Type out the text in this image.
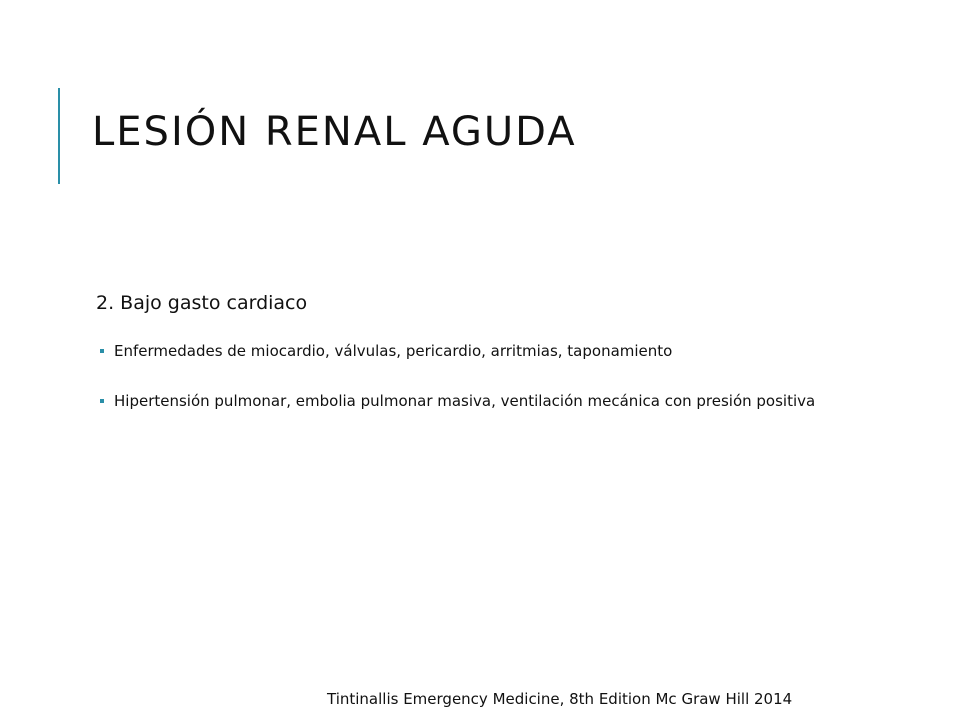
LESIÓN RENAL AGUDA

2. Bajo gasto cardiaco

Enfermedades de miocardio, válvulas, pericardio, arritmias, taponamiento
Hipertensión pulmonar, embolia pulmonar masiva, ventilación mecánica con presión positiva
Tintinallis Emergency Medicine, 8th Edition Mc Graw Hill 2014
